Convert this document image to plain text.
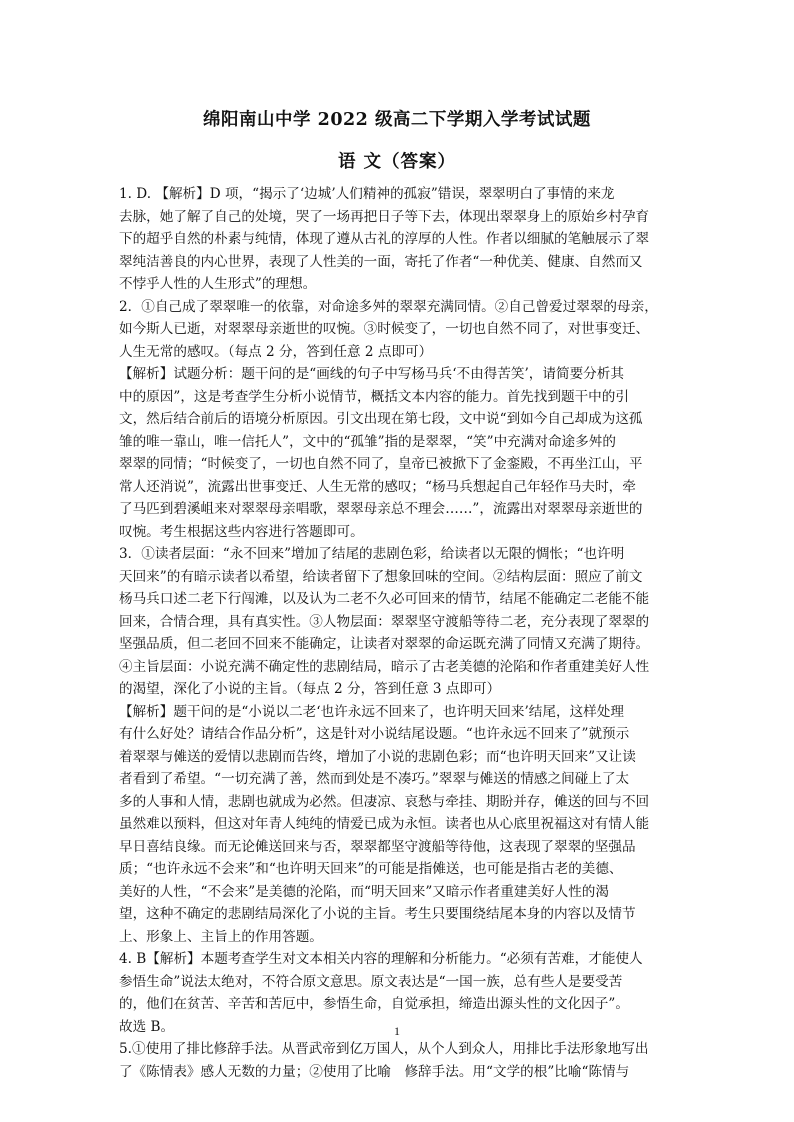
绵阳南山中学 2022 级高二下学期入学考试试题
语 文（答案）
1. D. 【解析】D 项，“揭示了‘边城’人们精神的孤寂”错误，翠翠明白了事情的来龙
去脉，她了解了自己的处境，哭了一场再把日子等下去，体现出翠翠身上的原始乡村孕育
下的超乎自然的朴素与纯情，体现了遵从古礼的淳厚的人性。作者以细腻的笔触展示了翠
翠纯洁善良的内心世界，表现了人性美的一面，寄托了作者“一种优美、健康、自然而又
不悖乎人性的人生形式”的理想。
2．①自己成了翠翠唯一的依靠，对命途多舛的翠翠充满同情。②自己曾爱过翠翠的母亲，
如今斯人已逝，对翠翠母亲逝世的叹惋。③时候变了，一切也自然不同了，对世事变迁、
人生无常的感叹。（每点 2 分，答到任意 2 点即可）
【解析】试题分析：题干问的是“画线的句子中写杨马兵‘不由得苦笑’，请简要分析其
中的原因”，这是考查学生分析小说情节，概括文本内容的能力。首先找到题干中的引
文，然后结合前后的语境分析原因。引文出现在第七段，文中说“到如今自己却成为这孤
雏的唯一靠山，唯一信托人”，文中的“孤雏”指的是翠翠，“笑”中充满对命途多舛的
翠翠的同情；“时候变了，一切也自然不同了，皇帝已被掀下了金銮殿，不再坐江山，平
常人还消说”，流露出世事变迁、人生无常的感叹；“杨马兵想起自己年轻作马夫时，牵
了马匹到碧溪岨来对翠翠母亲唱歌，翠翠母亲总不理会……”，流露出对翠翠母亲逝世的
叹惋。考生根据这些内容进行答题即可。
3．①读者层面：“永不回来”增加了结尾的悲剧色彩，给读者以无限的惆怅；“也许明
天回来”的有暗示读者以希望，给读者留下了想象回味的空间。②结构层面：照应了前文
杨马兵口述二老下行闯滩，以及认为二老不久必可回来的情节，结尾不能确定二老能不能
回来，合情合理，具有真实性。③人物层面：翠翠坚守渡船等待二老，充分表现了翠翠的
坚强品质，但二老回不回来不能确定，让读者对翠翠的命运既充满了同情又充满了期待。
④主旨层面：小说充满不确定性的悲剧结局，暗示了古老美德的沦陷和作者重建美好人性
的渴望，深化了小说的主旨。（每点 2 分，答到任意 3 点即可）
【解析】题干问的是“小说以二老‘也许永远不回来了，也许明天回来’结尾，这样处理
有什么好处？请结合作品分析”，这是针对小说结尾设题。“也许永远不回来了”就预示
着翠翠与傩送的爱情以悲剧而告终，增加了小说的悲剧色彩；而“也许明天回来”又让读
者看到了希望。“一切充满了善，然而到处是不凑巧。”翠翠与傩送的情感之间碰上了太
多的人事和人情，悲剧也就成为必然。但凄凉、哀愁与牵挂、期盼并存，傩送的回与不回
虽然难以预料，但这对年青人纯纯的情爱已成为永恒。读者也从心底里祝福这对有情人能
早日喜结良缘。而无论傩送回来与否，翠翠都坚守渡船等待他，这表现了翠翠的坚强品
质；“也许永远不会来”和“也许明天回来”的可能是指傩送，也可能是指古老的美德、
美好的人性，“不会来”是美德的沦陷，而“明天回来”又暗示作者重建美好人性的渴
望，这种不确定的悲剧结局深化了小说的主旨。考生只要围绕结尾本身的内容以及情节
上、形象上、主旨上的作用答题。
4. B【解析】本题考查学生对文本相关内容的理解和分析能力。“必须有苦难，才能使人
参悟生命”说法太绝对，不符合原文意思。原文表达是“一国一族，总有些人是要受苦
的，他们在贫苦、辛苦和苦厄中，参悟生命，自觉承担，缔造出源头性的文化因子”。
故选 B。
5.①使用了排比修辞手法。从晋武帝到亿万国人，从个人到众人，用排比手法形象地写出
了《陈情表》感人无数的力量；②使用了比喻　修辞手法。用“文学的根”比喻“陈情与
1
